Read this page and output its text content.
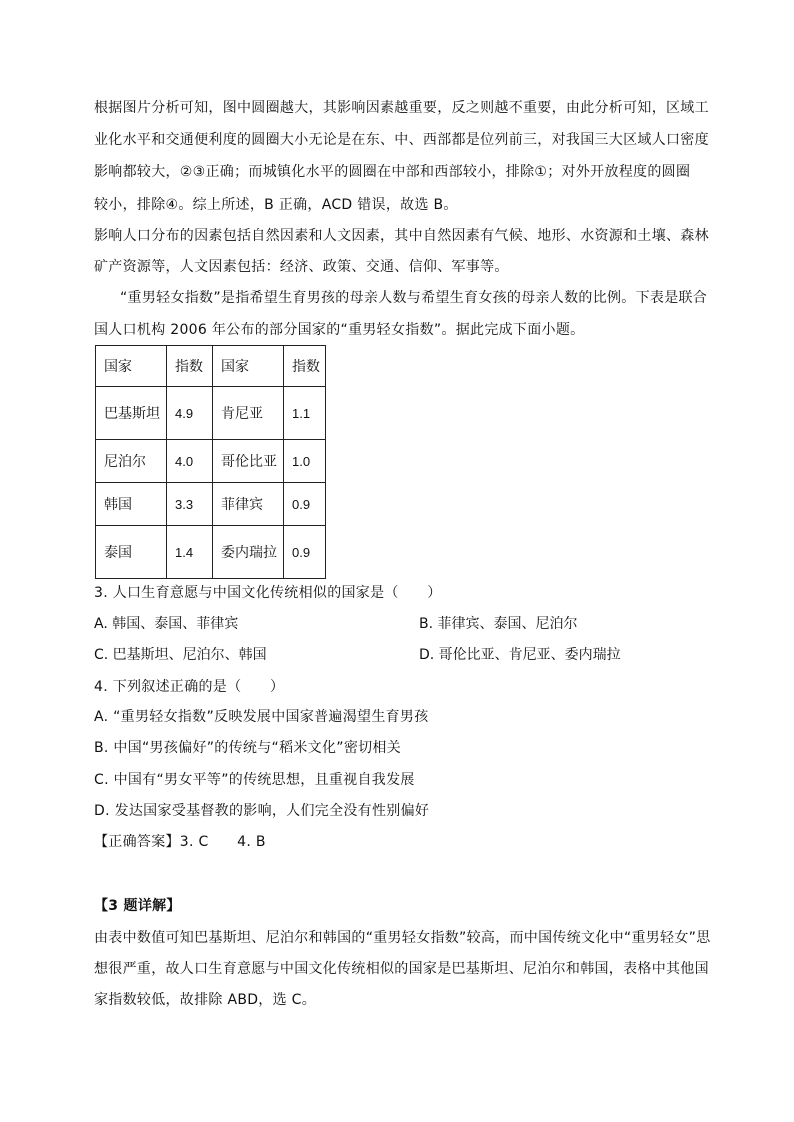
根据图片分析可知，图中圆圈越大，其影响因素越重要，反之则越不重要，由此分析可知，区域工
业化水平和交通便利度的圆圈大小无论是在东、中、西部都是位列前三，对我国三大区域人口密度
影响都较大，②③正确；而城镇化水平的圆圈在中部和西部较小，排除①；对外开放程度的圆圈
较小，排除④。综上所述，B 正确，ACD 错误，故选 B。
影响人口分布的因素包括自然因素和人文因素，其中自然因素有气候、地形、水资源和土壤、森林
矿产资源等，人文因素包括：经济、政策、交通、信仰、军事等。
“重男轻女指数”是指希望生育男孩的母亲人数与希望生育女孩的母亲人数的比例。下表是联合
国人口机构 2006 年公布的部分国家的“重男轻女指数”。据此完成下面小题。
国家	指数	国家	指数
巴基斯坦	4.9	肯尼亚	1.1
尼泊尔	4.0	哥伦比亚	1.0
韩国	3.3	菲律宾	0.9
泰国	1.4	委内瑞拉	0.9
3. 人口生育意愿与中国文化传统相似的国家是（　　）
A. 韩国、泰国、菲律宾	B. 菲律宾、泰国、尼泊尔
C. 巴基斯坦、尼泊尔、韩国	D. 哥伦比亚、肯尼亚、委内瑞拉
4. 下列叙述正确的是（　　）
A. “重男轻女指数”反映发展中国家普遍渴望生育男孩
B. 中国“男孩偏好”的传统与“稻米文化”密切相关
C. 中国有“男女平等”的传统思想，且重视自我发展
D. 发达国家受基督教的影响，人们完全没有性别偏好
【正确答案】3. C　　4. B
【3 题详解】
由表中数值可知巴基斯坦、尼泊尔和韩国的“重男轻女指数”较高，而中国传统文化中“重男轻女”思
想很严重，故人口生育意愿与中国文化传统相似的国家是巴基斯坦、尼泊尔和韩国，表格中其他国
家指数较低，故排除 ABD，选 C。
